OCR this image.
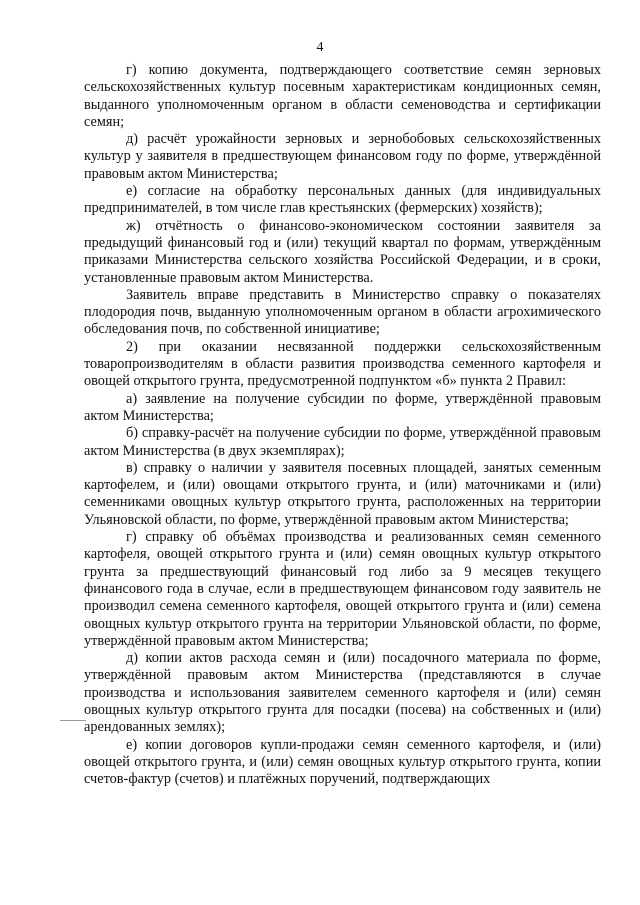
4

г) копию документа, подтверждающего соответствие семян зерновых сельскохозяйственных культур посевным характеристикам кондиционных семян, выданного уполномоченным органом в области семеноводства и сертификации семян;

д) расчёт урожайности зерновых и зернобобовых сельскохозяйственных культур у заявителя в предшествующем финансовом году по форме, утверждённой правовым актом Министерства;

е) согласие на обработку персональных данных (для индивидуальных предпринимателей, в том числе глав крестьянских (фермерских) хозяйств);

ж) отчётность о финансово-экономическом состоянии заявителя за предыдущий финансовый год и (или) текущий квартал по формам, утверждённым приказами Министерства сельского хозяйства Российской Федерации, и в сроки, установленные правовым актом Министерства.

Заявитель вправе представить в Министерство справку о показателях плодородия почв, выданную уполномоченным органом в области агрохимического обследования почв, по собственной инициативе;

2) при оказании несвязанной поддержки сельскохозяйственным товаропроизводителям в области развития производства семенного картофеля и овощей открытого грунта, предусмотренной подпунктом «б» пункта 2 Правил:

а) заявление на получение субсидии по форме, утверждённой правовым актом Министерства;

б) справку-расчёт на получение субсидии по форме, утверждённой правовым актом Министерства (в двух экземплярах);

в) справку о наличии у заявителя посевных площадей, занятых семенным картофелем, и (или) овощами открытого грунта, и (или) маточниками и (или) семенниками овощных культур открытого грунта, расположенных на территории Ульяновской области, по форме, утверждённой правовым актом Министерства;

г) справку об объёмах производства и реализованных семян семенного картофеля, овощей открытого грунта и (или) семян овощных культур открытого грунта за предшествующий финансовый год либо за 9 месяцев текущего финансового года в случае, если в предшествующем финансовом году заявитель не производил семена семенного картофеля, овощей открытого грунта и (или) семена овощных культур открытого грунта на территории Ульяновской области, по форме, утверждённой правовым актом Министерства;

д) копии актов расхода семян и (или) посадочного материала по форме, утверждённой правовым актом Министерства (представляются в случае производства и использования заявителем семенного картофеля и (или) семян овощных культур открытого грунта для посадки (посева) на собственных и (или) арендованных землях);

е) копии договоров купли-продажи семян семенного картофеля, и (или) овощей открытого грунта, и (или) семян овощных культур открытого грунта, копии счетов-фактур (счетов) и платёжных поручений, подтверждающих
